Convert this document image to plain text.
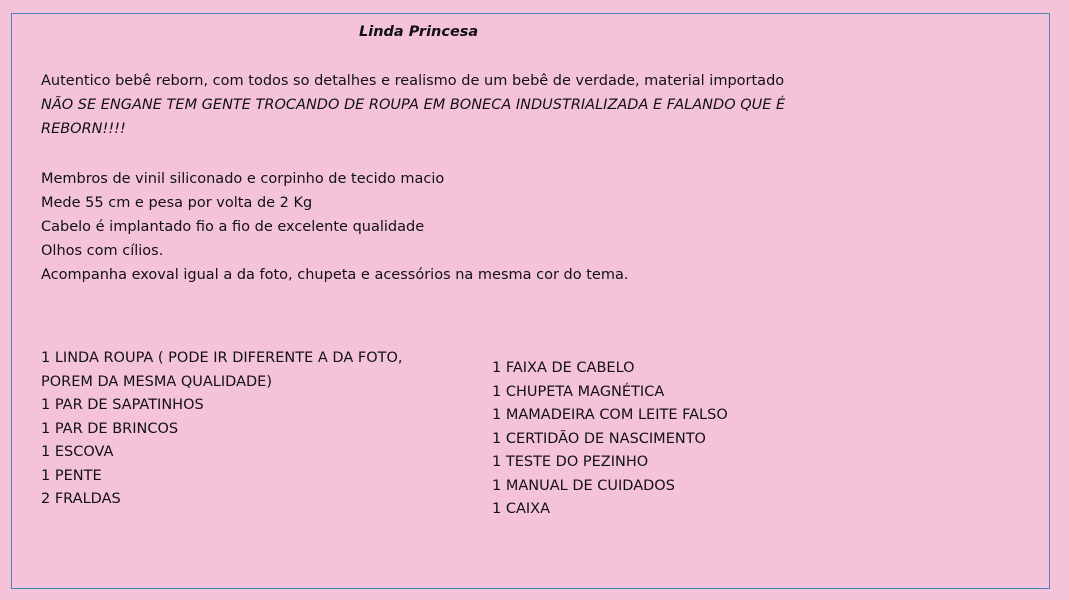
Linda Princesa
Autentico bebê reborn, com todos so detalhes e realismo de um bebê de verdade, material importado
NÃO SE ENGANE TEM GENTE TROCANDO DE ROUPA EM BONECA INDUSTRIALIZADA E FALANDO QUE É
REBORN!!!!
Membros de vinil siliconado e corpinho de tecido macio
Mede 55 cm e pesa por volta de 2 Kg
Cabelo é implantado fio a fio de excelente qualidade
Olhos com cílios.
Acompanha exoval igual a da foto, chupeta e acessórios na mesma cor do tema.
1 LINDA ROUPA ( PODE IR DIFERENTE A DA FOTO,
POREM DA MESMA QUALIDADE)
1 PAR DE SAPATINHOS
1 PAR DE BRINCOS
1 ESCOVA
1 PENTE
2 FRALDAS
1 FAIXA DE CABELO
1 CHUPETA MAGNÉTICA
1 MAMADEIRA COM LEITE FALSO
1 CERTIDÃO DE NASCIMENTO
1 TESTE DO PEZINHO
1 MANUAL DE CUIDADOS
1 CAIXA
